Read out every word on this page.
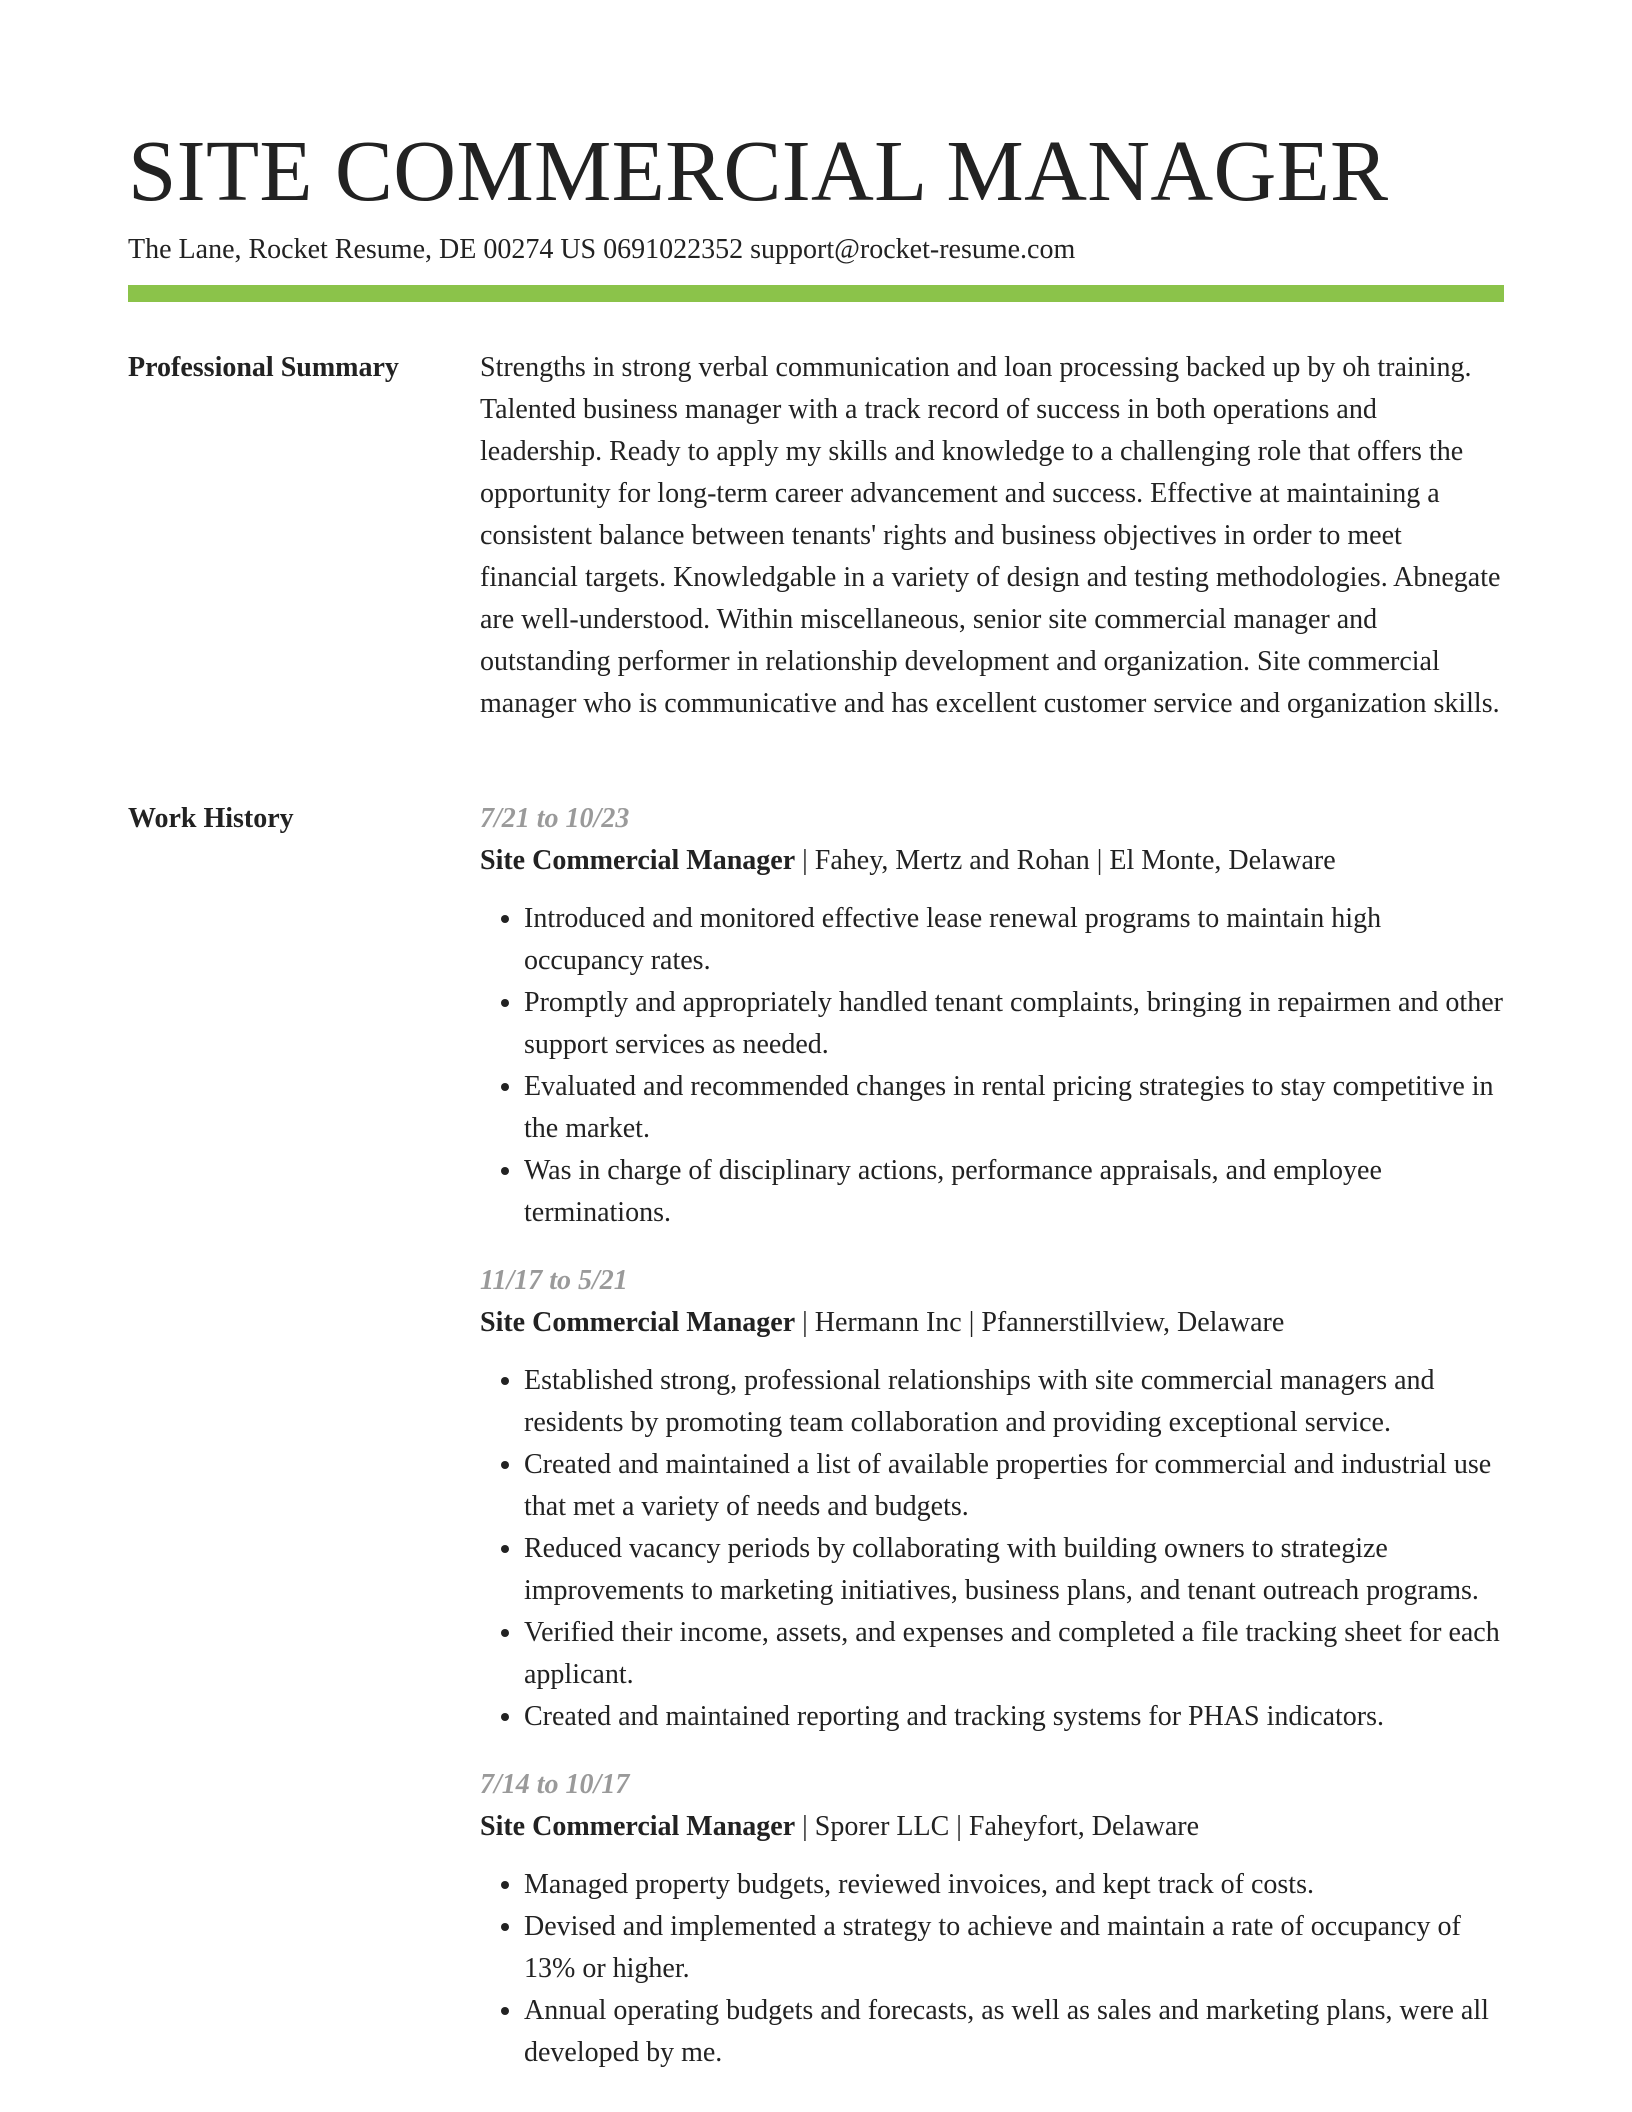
SITE COMMERCIAL MANAGER
The Lane, Rocket Resume, DE 00274 US 0691022352 support@rocket-resume.com
Professional Summary	Strengths in strong verbal communication and loan processing backed up by oh training. Talented business manager with a track record of success in both operations and leadership. Ready to apply my skills and knowledge to a challenging role that offers the opportunity for long-term career advancement and success. Effective at maintaining a consistent balance between tenants' rights and business objectives in order to meet financial targets. Knowledgable in a variety of design and testing methodologies. Abnegate are well-understood. Within miscellaneous, senior site commercial manager and outstanding performer in relationship development and organization. Site commercial manager who is communicative and has excellent customer service and organization skills.

Work History	7/21 to 10/23
Site Commercial Manager | Fahey, Mertz and Rohan | El Monte, Delaware
• Introduced and monitored effective lease renewal programs to maintain high occupancy rates.
• Promptly and appropriately handled tenant complaints, bringing in repairmen and other support services as needed.
• Evaluated and recommended changes in rental pricing strategies to stay competitive in the market.
• Was in charge of disciplinary actions, performance appraisals, and employee terminations.
11/17 to 5/21
Site Commercial Manager | Hermann Inc | Pfannerstillview, Delaware
• Established strong, professional relationships with site commercial managers and residents by promoting team collaboration and providing exceptional service.
• Created and maintained a list of available properties for commercial and industrial use that met a variety of needs and budgets.
• Reduced vacancy periods by collaborating with building owners to strategize improvements to marketing initiatives, business plans, and tenant outreach programs.
• Verified their income, assets, and expenses and completed a file tracking sheet for each applicant.
• Created and maintained reporting and tracking systems for PHAS indicators.
7/14 to 10/17
Site Commercial Manager | Sporer LLC | Faheyfort, Delaware
• Managed property budgets, reviewed invoices, and kept track of costs.
• Devised and implemented a strategy to achieve and maintain a rate of occupancy of 13% or higher.
• Annual operating budgets and forecasts, as well as sales and marketing plans, were all developed by me.
